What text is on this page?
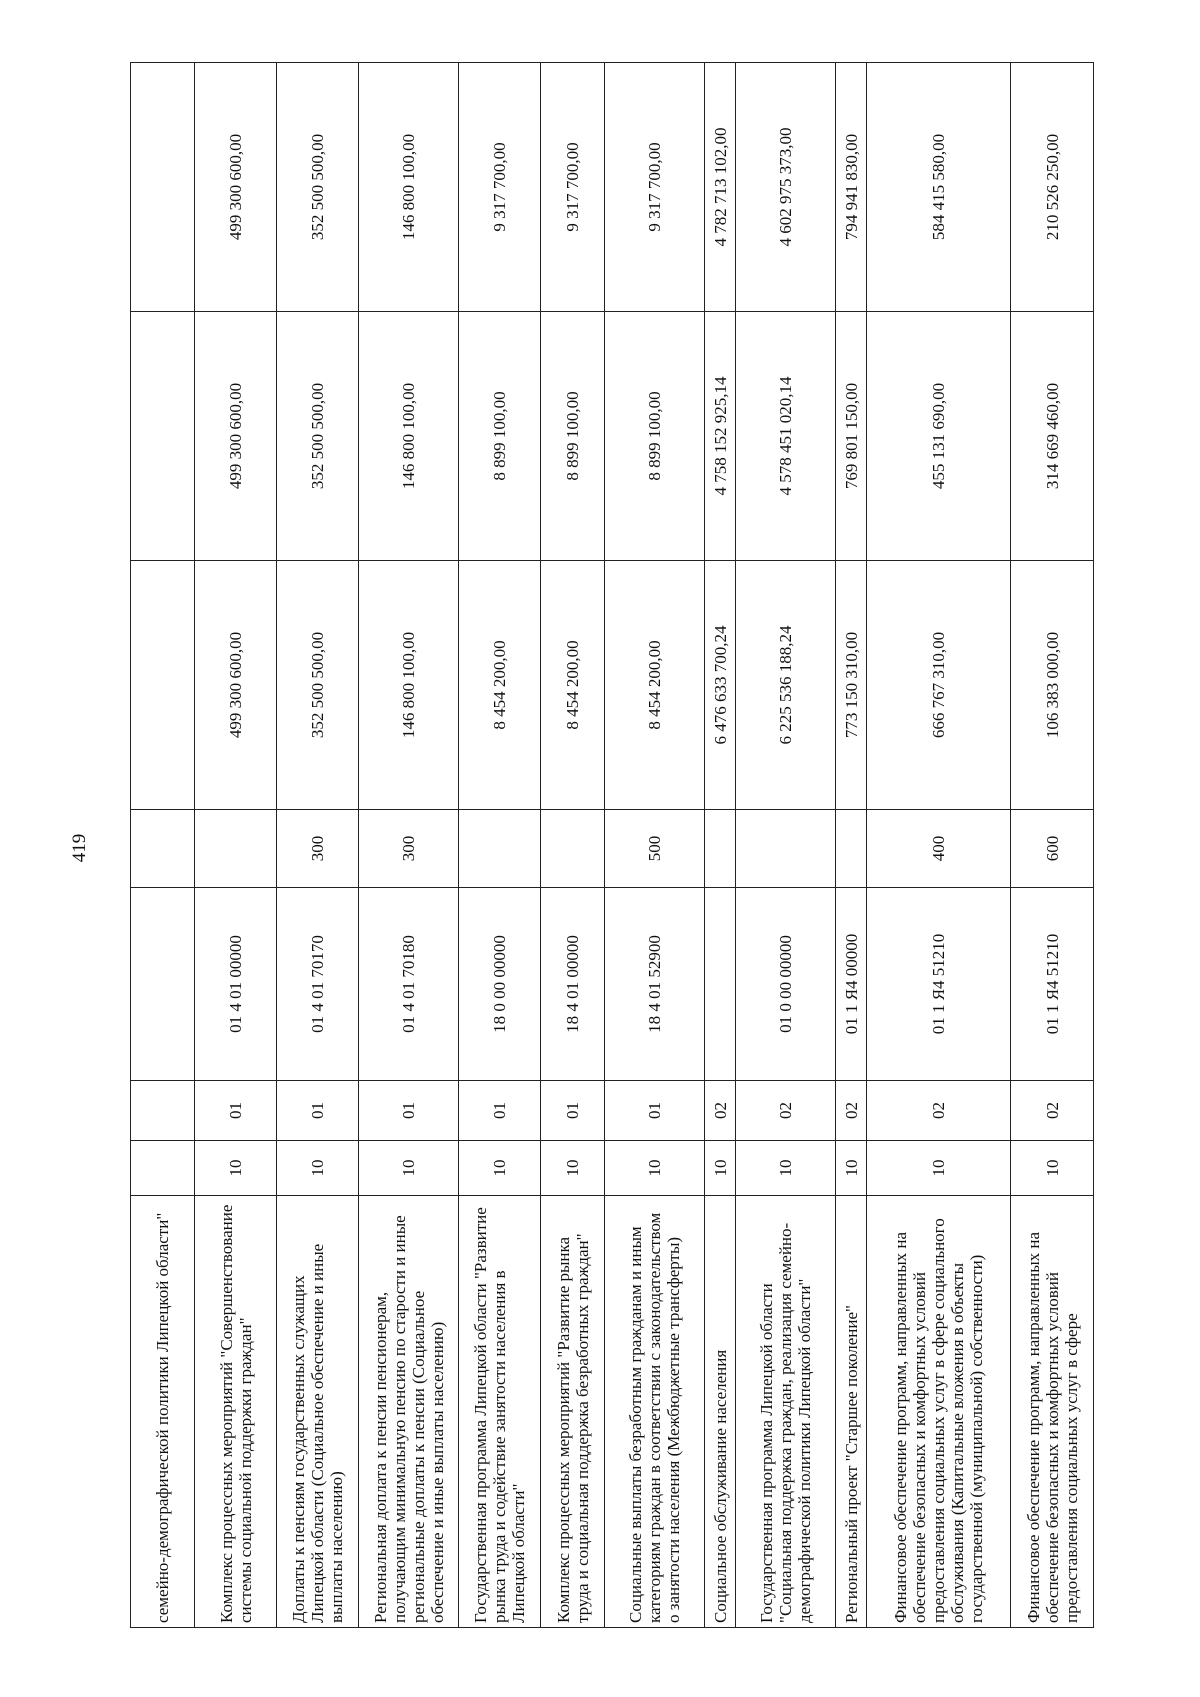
419
семейно-демографической политики Липецкой области"							
Комплекс процессных мероприятий "Совершенствование системы социальной поддержки граждан"	10	01	01 4 01 00000		499 300 600,00	499 300 600,00	499 300 600,00
Доплаты к пенсиям государственных служащих Липецкой области (Социальное обеспечение и иные выплаты населению)	10	01	01 4 01 70170	300	352 500 500,00	352 500 500,00	352 500 500,00
Региональная доплата к пенсии пенсионерам, получающим минимальную пенсию по старости и иные региональные доплаты к пенсии (Социальное обеспечение и иные выплаты населению)	10	01	01 4 01 70180	300	146 800 100,00	146 800 100,00	146 800 100,00
Государственная программа Липецкой области "Развитие рынка труда и содействие занятости населения в Липецкой области"	10	01	18 0 00 00000		8 454 200,00	8 899 100,00	9 317 700,00
Комплекс процессных мероприятий "Развитие рынка труда и социальная поддержка безработных граждан"	10	01	18 4 01 00000		8 454 200,00	8 899 100,00	9 317 700,00
Социальные выплаты безработным гражданам и иным категориям граждан в соответствии с законодательством о занятости населения (Межбюджетные трансферты)	10	01	18 4 01 52900	500	8 454 200,00	8 899 100,00	9 317 700,00
Социальное обслуживание населения	10	02			6 476 633 700,24	4 758 152 925,14	4 782 713 102,00
Государственная программа Липецкой области "Социальная поддержка граждан, реализация семейно-демографической политики Липецкой области"	10	02	01 0 00 00000		6 225 536 188,24	4 578 451 020,14	4 602 975 373,00
Региональный проект "Старшее поколение"	10	02	01 1 Я4 00000		773 150 310,00	769 801 150,00	794 941 830,00
Финансовое обеспечение программ, направленных на обеспечение безопасных и комфортных условий предоставления социальных услуг в сфере социального обслуживания (Капитальные вложения в объекты государственной (муниципальной) собственности)	10	02	01 1 Я4 51210	400	666 767 310,00	455 131 690,00	584 415 580,00
Финансовое обеспечение программ, направленных на обеспечение безопасных и комфортных условий предоставления социальных услуг в сфере	10	02	01 1 Я4 51210	600	106 383 000,00	314 669 460,00	210 526 250,00
